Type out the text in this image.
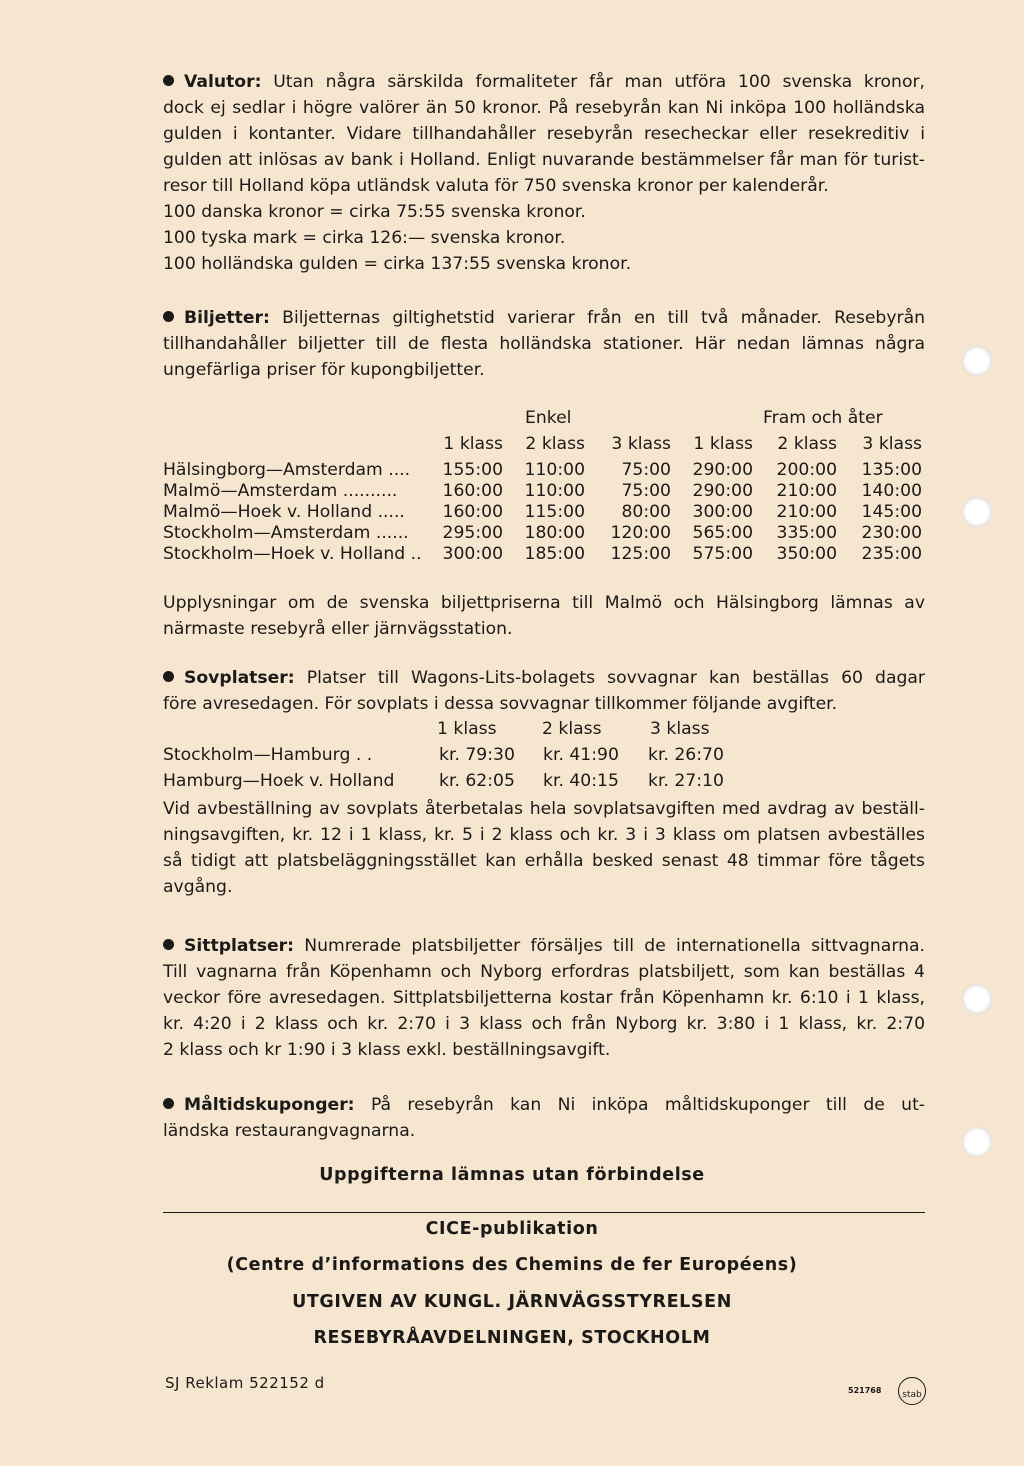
Valutor: Utan några särskilda formaliteter får man utföra 100 svenska kronor,
dock ej sedlar i högre valörer än 50 kronor. På resebyrån kan Ni inköpa 100 holländska
gulden i kontanter. Vidare tillhandahåller resebyrån resecheckar eller resekreditiv i
gulden att inlösas av bank i Holland. Enligt nuvarande bestämmelser får man för turist-
resor till Holland köpa utländsk valuta för 750 svenska kronor per kalenderår.
100 danska kronor = cirka 75:55 svenska kronor.
100 tyska mark = cirka 126:— svenska kronor.
100 holländska gulden = cirka 137:55 svenska kronor.
Biljetter: Biljetternas giltighetstid varierar från en till två månader. Resebyrån
tillhandahåller biljetter till de flesta holländska stationer. Här nedan lämnas några
ungefärliga priser för kupongbiljetter.
Enkel	Fram och åter
1 klass	2 klass	3 klass	1 klass	2 klass	3 klass
Hälsingborg—Amsterdam ....	155:00	110:00	75:00	290:00	200:00	135:00
Malmö—Amsterdam ..........	160:00	110:00	75:00	290:00	210:00	140:00
Malmö—Hoek v. Holland .....	160:00	115:00	80:00	300:00	210:00	145:00
Stockholm—Amsterdam ......	295:00	180:00	120:00	565:00	335:00	230:00
Stockholm—Hoek v. Holland ..	300:00	185:00	125:00	575:00	350:00	235:00
Upplysningar om de svenska biljettpriserna till Malmö och Hälsingborg lämnas av
närmaste resebyrå eller järnvägsstation.
Sovplatser: Platser till Wagons-Lits-bolagets sovvagnar kan beställas 60 dagar
före avresedagen. För sovplats i dessa sovvagnar tillkommer följande avgifter.
1 klass	2 klass	3 klass
Stockholm—Hamburg . .	kr. 79:30 kr. 41:90 kr. 26:70
Hamburg—Hoek v. Holland	kr. 62:05 kr. 40:15 kr. 27:10
Vid avbeställning av sovplats återbetalas hela sovplatsavgiften med avdrag av beställ-
ningsavgiften, kr. 12 i 1 klass, kr. 5 i 2 klass och kr. 3 i 3 klass om platsen avbeställes
så tidigt att platsbeläggningsstället kan erhålla besked senast 48 timmar före tågets
avgång.
Sittplatser: Numrerade platsbiljetter försäljes till de internationella sittvagnarna.
Till vagnarna från Köpenhamn och Nyborg erfordras platsbiljett, som kan beställas 4
veckor före avresedagen. Sittplatsbiljetterna kostar från Köpenhamn kr. 6:10 i 1 klass,
kr. 4:20 i 2 klass och kr. 2:70 i 3 klass och från Nyborg kr. 3:80 i 1 klass, kr. 2:70
2 klass och kr 1:90 i 3 klass exkl. beställningsavgift.
Måltidskuponger: På resebyrån kan Ni inköpa måltidskuponger till de ut-
ländska restaurangvagnarna.
Uppgifterna lämnas utan förbindelse
CICE-publikation
(Centre d’informations des Chemins de fer Européens)
UTGIVEN AV KUNGL. JÄRNVÄGSSTYRELSEN
RESEBYRÅAVDELNINGEN, STOCKHOLM
SJ Reklam 522152 d	521768	stab
